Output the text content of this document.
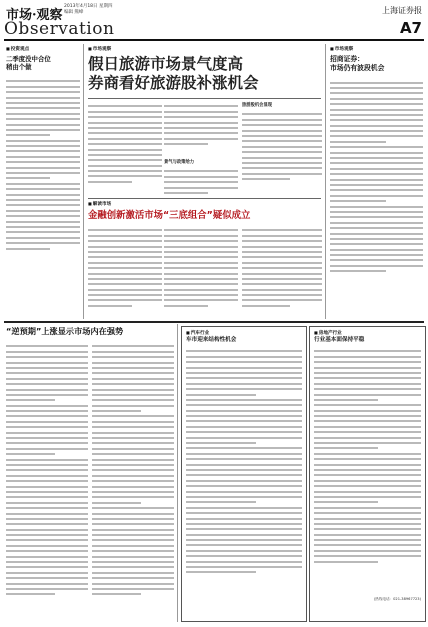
市场·观察
2013年4月18日 星期四
编辑 熊峰	上海证券报
Observation	A7
■ 投资观点
二季度没中合位
稍由个做
■ 市场观察
假日旅游市场景气度高
券商看好旅游股补涨机会
景气与政策给力
旅游股机会显现
■ 解读市场
金融创新激活市场“三底组合”疑似成立
■ 市场观察
招商证券：
市场仍有波段机会
“逆预期”上涨显示市场内在强势
■	汽车行业
车市迎来结构性机会
■ 房地产行业
行业基本面保持平稳
(热线电话：021-38967723)
